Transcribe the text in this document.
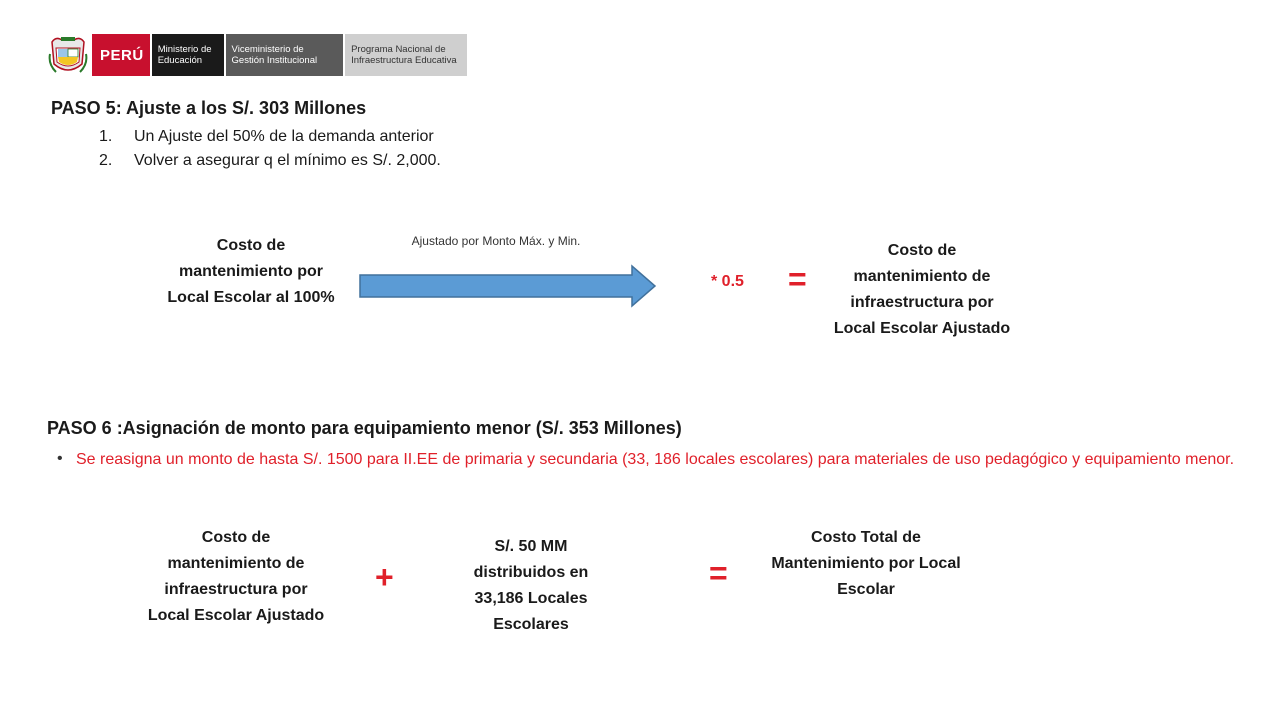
PERÚ	Ministerio de
Educación
Viceministerio de
Gestión Institucional
Programa Nacional de
Infraestructura Educativa
PASO 5: Ajuste a los S/. 303 Millones
1. Un Ajuste del 50% de la demanda anterior
2. Volver a asegurar q el mínimo es S/. 2,000.
Costo de mantenimiento por Local Escolar al 100%
Ajustado por Monto Máx. y Min.
* 0.5 =
Costo de mantenimiento de infraestructura por Local Escolar Ajustado
PASO 6 :Asignación de monto para equipamiento menor (S/. 353 Millones)
• Se reasigna un monto de hasta S/. 1500 para II.EE de primaria y secundaria (33, 186 locales escolares) para materiales de uso pedagógico y equipamiento menor.
Costo de mantenimiento de infraestructura por Local Escolar Ajustado
+
S/. 50 MM distribuidos en 33,186 Locales Escolares
=
Costo Total de Mantenimiento por Local Escolar
